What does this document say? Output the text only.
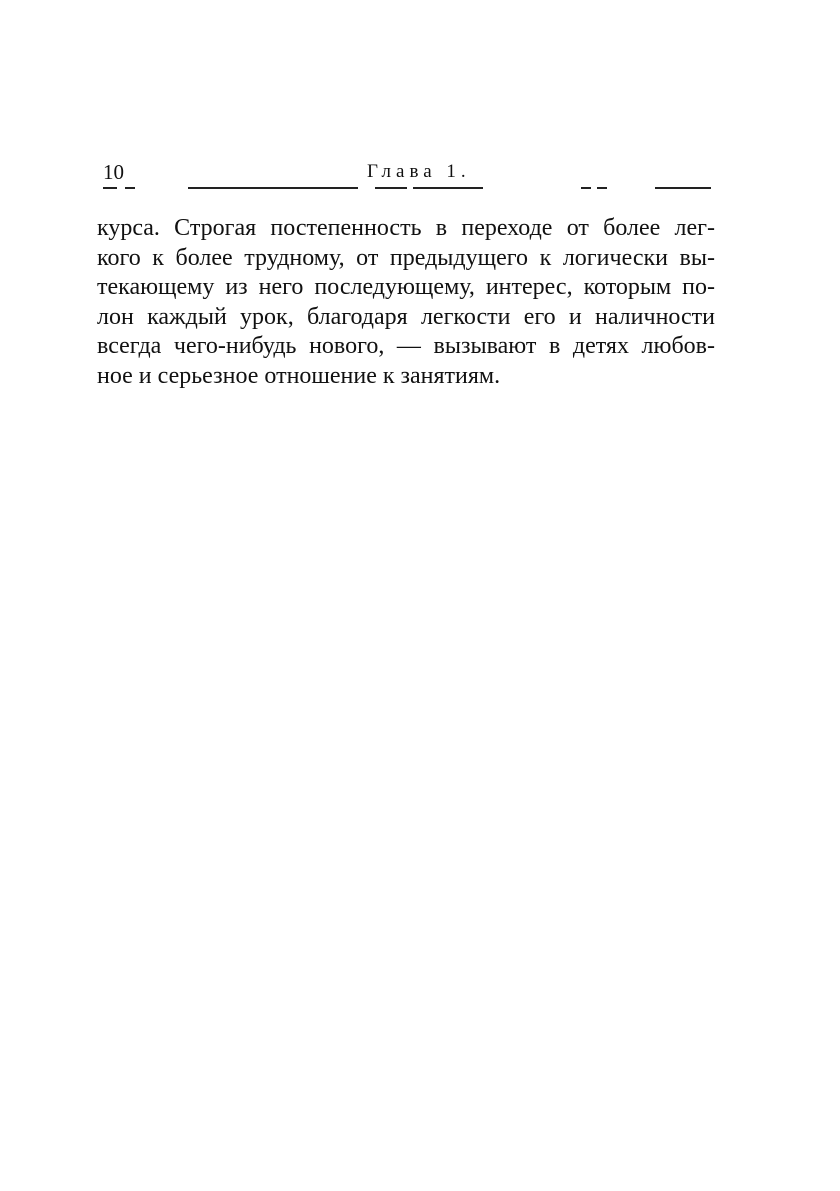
10	Глава 1.
курса. Строгая постепенность в переходе от более лег-
кого к более трудному, от предыдущего к логически вы-
текающему из него последующему, интерес, которым по-
лон каждый урок, благодаря легкости его и наличности
всегда чего-нибудь нового, — вызывают в детях любов-
ное и серьезное отношение к занятиям.
